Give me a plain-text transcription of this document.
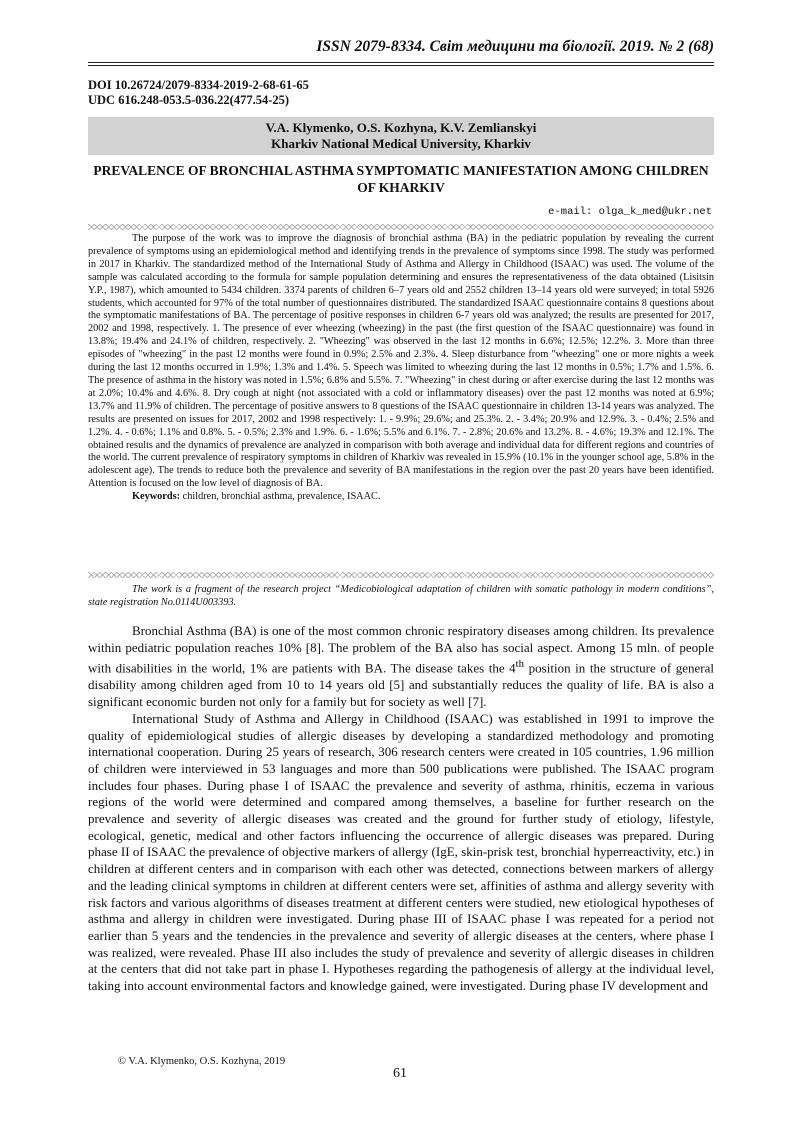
ISSN 2079-8334. Світ медицини та біології. 2019. № 2 (68)
DOI 10.26724/2079-8334-2019-2-68-61-65
UDC 616.248-053.5-036.22(477.54-25)
V.A. Klymenko, O.S. Kozhyna, K.V. Zemlianskyi
Kharkiv National Medical University, Kharkiv
PREVALENCE OF BRONCHIAL ASTHMA SYMPTOMATIC MANIFESTATION AMONG CHILDREN OF KHARKIV
e-mail: olga_k_med@ukr.net

The purpose of the work was to improve the diagnosis of bronchial asthma (BA) in the pediatric population by revealing the current prevalence of symptoms using an epidemiological method and identifying trends in the prevalence of symptoms since 1998. The study was performed in 2017 in Kharkiv. The standardized method of the International Study of Asthma and Allergy in Childhood (ISAAC) was used. The volume of the sample was calculated according to the formula for sample population determining and ensures the representativeness of the data obtained (Lisitsin Y.P., 1987), which amounted to 5434 children. 3374 parents of children 6–7 years old and 2552 children 13–14 years old were surveyed; in total 5926 students, which accounted for 97% of the total number of questionnaires distributed. The standardized ISAAC questionnaire contains 8 questions about the symptomatic manifestations of BA. The percentage of positive responses in children 6-7 years old was analyzed; the results are presented for 2017, 2002 and 1998, respectively. 1. The presence of ever wheezing (wheezing) in the past (the first question of the ISAAC questionnaire) was found in 13.8%; 19.4% and 24.1% of children, respectively. 2. "Wheezing" was observed in the last 12 months in 6.6%; 12.5%; 12.2%. 3. More than three episodes of "wheezing" in the past 12 months were found in 0.9%; 2.5% and 2.3%. 4. Sleep disturbance from "wheezing" one or more nights a week during the last 12 months occurred in 1.9%; 1.3% and 1.4%. 5. Speech was limited to wheezing during the last 12 months in 0.5%; 1.7% and 1.5%. 6. The presence of asthma in the history was noted in 1.5%; 6.8% and 5.5%. 7. "Wheezing" in chest during or after exercise during the last 12 months was at 2.0%; 10.4% and 4.6%. 8. Dry cough at night (not associated with a cold or inflammatory diseases) over the past 12 months was noted at 6.9%; 13.7% and 11.9% of children. The percentage of positive answers to 8 questions of the ISAAC questionnaire in children 13-14 years was analyzed. The results are presented on issues for 2017, 2002 and 1998 respectively: 1. - 9.9%; 29.6%; and 25.3%. 2. - 3.4%; 20.9% and 12.9%. 3. - 0.4%; 2.5% and 1.2%. 4. - 0.6%; 1.1% and 0.8%. 5. - 0.5%; 2.3% and 1.9%. 6. - 1.6%; 5.5% and 6.1%. 7. - 2.8%; 20.6% and 13.2%. 8. - 4.6%; 19.3% and 12.1%. The obtained results and the dynamics of prevalence are analyzed in comparison with both average and individual data for different regions and countries of the world. The current prevalence of respiratory symptoms in children of Kharkiv was revealed in 15.9% (10.1% in the younger school age, 5.8% in the adolescent age). The trends to reduce both the prevalence and severity of BA manifestations in the region over the past 20 years have been identified. Attention is focused on the low level of diagnosis of BA.

Keywords: children, bronchial asthma, prevalence, ISAAC.

The work is a fragment of the research project “Medicobiological adaptation of children with somatic pathology in modern conditions”, state registration No.0114U003393.

Bronchial Asthma (BA) is one of the most common chronic respiratory diseases among children. Its prevalence within pediatric population reaches 10% [8]. The problem of the BA also has social aspect. Among 15 mln. of people with disabilities in the world, 1% are patients with BA. The disease takes the 4th position in the structure of general disability among children aged from 10 to 14 years old [5] and substantially reduces the quality of life. BA is also a significant economic burden not only for a family but for society as well [7].

International Study of Asthma and Allergy in Childhood (ISAAC) was established in 1991 to improve the quality of epidemiological studies of allergic diseases by developing a standardized methodology and promoting international cooperation. During 25 years of research, 306 research centers were created in 105 countries, 1.96 million of children were interviewed in 53 languages and more than 500 publications were published. The ISAAC program includes four phases. During phase I of ISAAC the prevalence and severity of asthma, rhinitis, eczema in various regions of the world were determined and compared among themselves, a baseline for further research on the prevalence and severity of allergic diseases was created and the ground for further study of etiology, lifestyle, ecological, genetic, medical and other factors influencing the occurrence of allergic diseases was prepared. During phase II of ISAAC the prevalence of objective markers of allergy (IgE, skin-prisk test, bronchial hyperreactivity, etc.) in children at different centers and in comparison with each other was detected, connections between markers of allergy and the leading clinical symptoms in children at different centers were set, affinities of asthma and allergy severity with risk factors and various algorithms of diseases treatment at different centers were studied, new etiological hypotheses of asthma and allergy in children were investigated. During phase III of ISAAC phase I was repeated for a period not earlier than 5 years and the tendencies in the prevalence and severity of allergic diseases at the centers, where phase I was realized, were revealed. Phase III also includes the study of prevalence and severity of allergic diseases in children at the centers that did not take part in phase I. Hypotheses regarding the pathogenesis of allergy at the individual level, taking into account environmental factors and knowledge gained, were investigated. During phase IV development and

© V.A. Klymenko, O.S. Kozhyna, 2019
61
